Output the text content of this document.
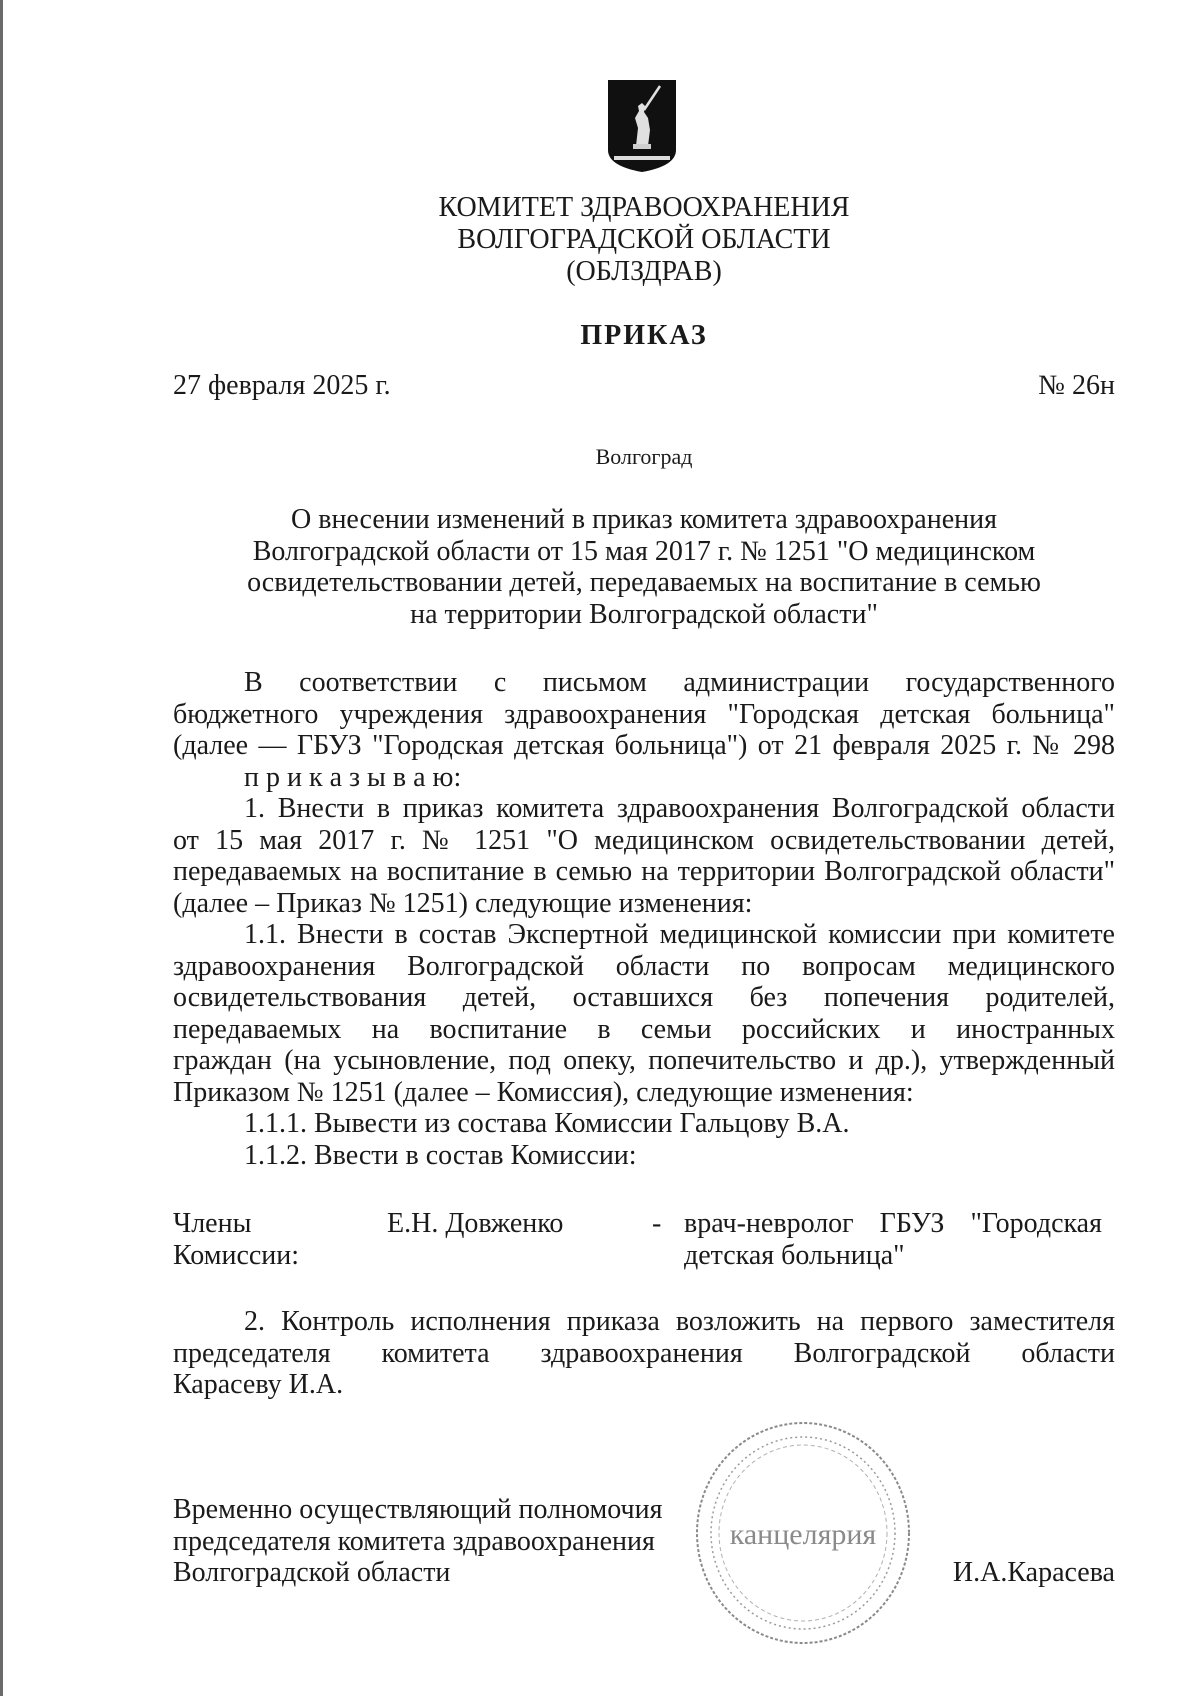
КОМИТЕТ ЗДРАВООХРАНЕНИЯ
ВОЛГОГРАДСКОЙ ОБЛАСТИ
(ОБЛЗДРАВ)
ПРИКАЗ
27 февраля 2025 г.	№ 26н
Волгоград
О внесении изменений в приказ комитета здравоохранения
Волгоградской области от 15 мая 2017 г. № 1251 "О медицинском
освидетельствовании детей, передаваемых на воспитание в семью
на территории Волгоградской области"
В соответствии с письмом администрации государственного
бюджетного учреждения здравоохранения "Городская детская больница"
(далее — ГБУЗ "Городская детская больница") от 21 февраля 2025 г. № 298
п р и к а з ы в а ю:
1. Внести в приказ комитета здравоохранения Волгоградской области
от 15 мая 2017 г. № 1251 "О медицинском освидетельствовании детей,
передаваемых на воспитание в семью на территории Волгоградской области"
(далее – Приказ № 1251) следующие изменения:
1.1. Внести в состав Экспертной медицинской комиссии при комитете
здравоохранения Волгоградской области по вопросам медицинского
освидетельствования детей, оставшихся без попечения родителей,
передаваемых на воспитание в семьи российских и иностранных
граждан (на усыновление, под опеку, попечительство и др.), утвержденный
Приказом № 1251 (далее – Комиссия), следующие изменения:
1.1.1. Вывести из состава Комиссии Гальцову В.А.
1.1.2. Ввести в состав Комиссии:
Члены
Комиссии:
Е.Н. Довженко	- врач-невролог ГБУЗ "Городская
детская больница"
2. Контроль исполнения приказа возложить на первого заместителя
председателя комитета здравоохранения Волгоградской области
Карасеву И.А.
Временно осуществляющий полномочия
председателя комитета здравоохранения
Волгоградской области	И.А.Карасева
канцелярия
